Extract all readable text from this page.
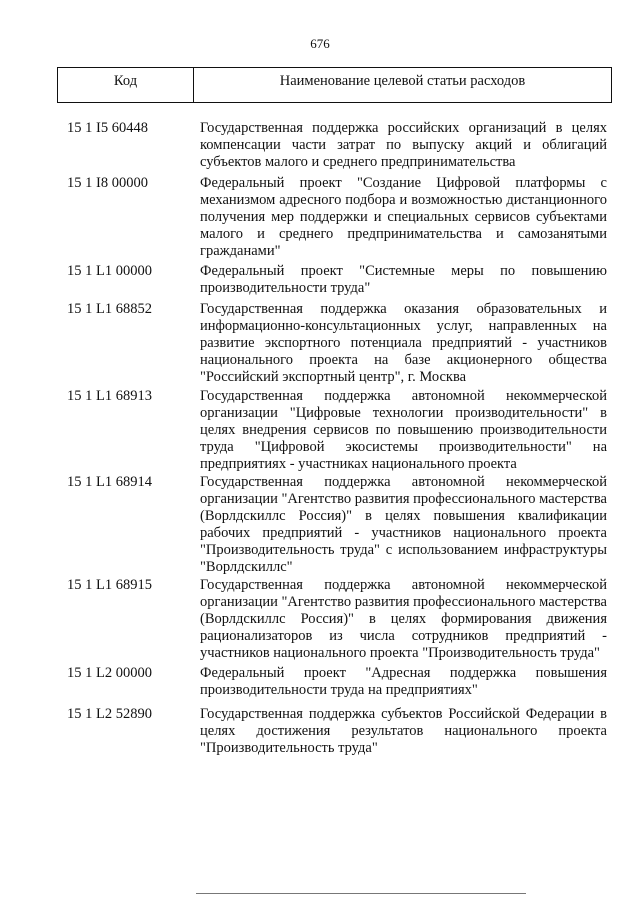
676
Код	Наименование целевой статьи расходов
15 1 I5 60448	Государственная поддержка российских организаций в целях компенсации части затрат по выпуску акций и облигаций субъектов малого и среднего предпринимательства
15 1 I8 00000	Федеральный проект "Создание Цифровой платформы с механизмом адресного подбора и возможностью дистанционного получения мер поддержки и специальных сервисов субъектами малого и среднего предпринимательства и самозанятыми гражданами"
15 1 L1 00000	Федеральный проект "Системные меры по повышению производительности труда"
15 1 L1 68852	Государственная поддержка оказания образовательных и информационно-консультационных услуг, направленных на развитие экспортного потенциала предприятий - участников национального проекта на базе акционерного общества "Российский экспортный центр", г. Москва
15 1 L1 68913	Государственная поддержка автономной некоммерческой организации "Цифровые технологии производительности" в целях внедрения сервисов по повышению производительности труда "Цифровой экосистемы производительности" на предприятиях - участниках национального проекта
15 1 L1 68914	Государственная поддержка автономной некоммерческой организации "Агентство развития профессионального мастерства (Ворлдскиллс Россия)" в целях повышения квалификации рабочих предприятий - участников национального проекта "Производительность труда" с использованием инфраструктуры "Ворлдскиллс"
15 1 L1 68915	Государственная поддержка автономной некоммерческой организации "Агентство развития профессионального мастерства (Ворлдскиллс Россия)" в целях формирования движения рационализаторов из числа сотрудников предприятий - участников национального проекта "Производительность труда"
15 1 L2 00000	Федеральный проект "Адресная поддержка повышения производительности труда на предприятиях"
15 1 L2 52890	Государственная поддержка субъектов Российской Федерации в целях достижения результатов национального проекта "Производительность труда"
